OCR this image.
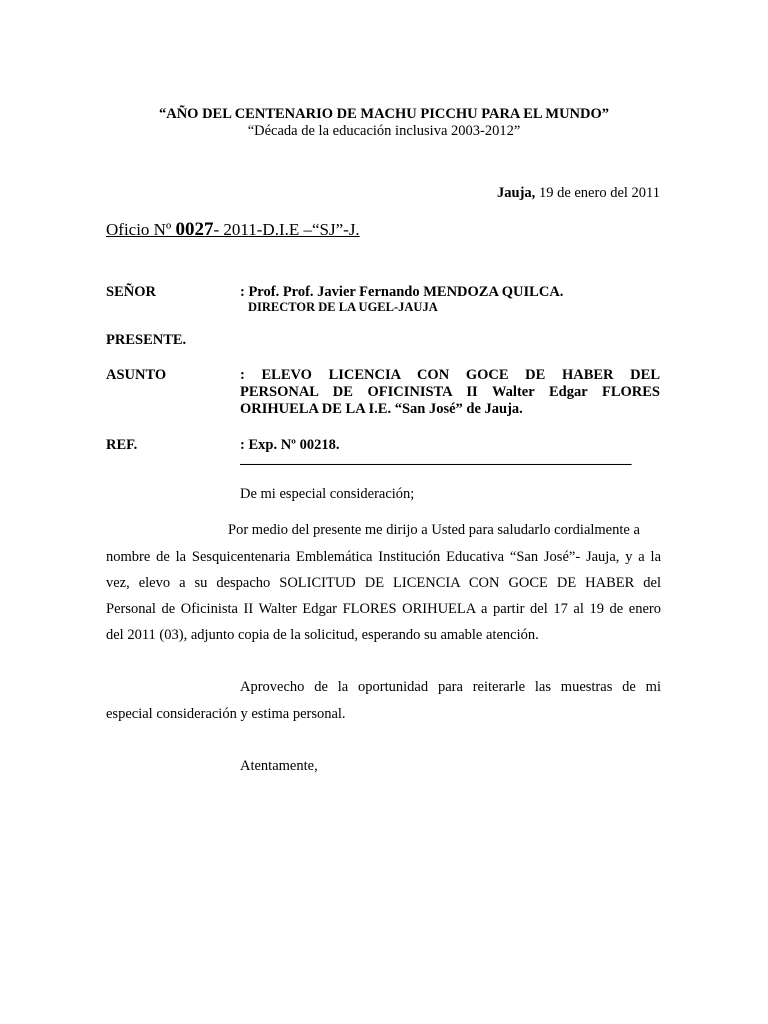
“AÑO DEL CENTENARIO DE MACHU PICCHU PARA EL MUNDO”
“Década de la educación inclusiva 2003-2012”
Jauja, 19 de enero del 2011
Oficio Nº 0027- 2011-D.I.E –“SJ”-J.
SEÑOR	: Prof. Prof. Javier Fernando MENDOZA QUILCA.
DIRECTOR DE LA UGEL-JAUJA
PRESENTE.
ASUNTO	: ELEVO LICENCIA CON GOCE DE HABER DEL
PERSONAL DE OFICINISTA II Walter Edgar FLORES
ORIHUELA DE LA I.E. “San José” de Jauja.
REF.	: Exp. Nº 00218.
______________________________________________________
De mi especial consideración;
Por medio del presente me dirijo a Usted para saludarlo cordialmente a
nombre de la Sesquicentenaria Emblemática Institución Educativa “San José”- Jauja, y a la
vez, elevo a su despacho SOLICITUD DE LICENCIA CON GOCE DE HABER del
Personal de Oficinista II Walter Edgar FLORES ORIHUELA a partir del 17 al 19 de enero
del 2011 (03), adjunto copia de la solicitud, esperando su amable atención.
Aprovecho de la oportunidad para reiterarle las muestras de mi
especial consideración y estima personal.
Atentamente,
